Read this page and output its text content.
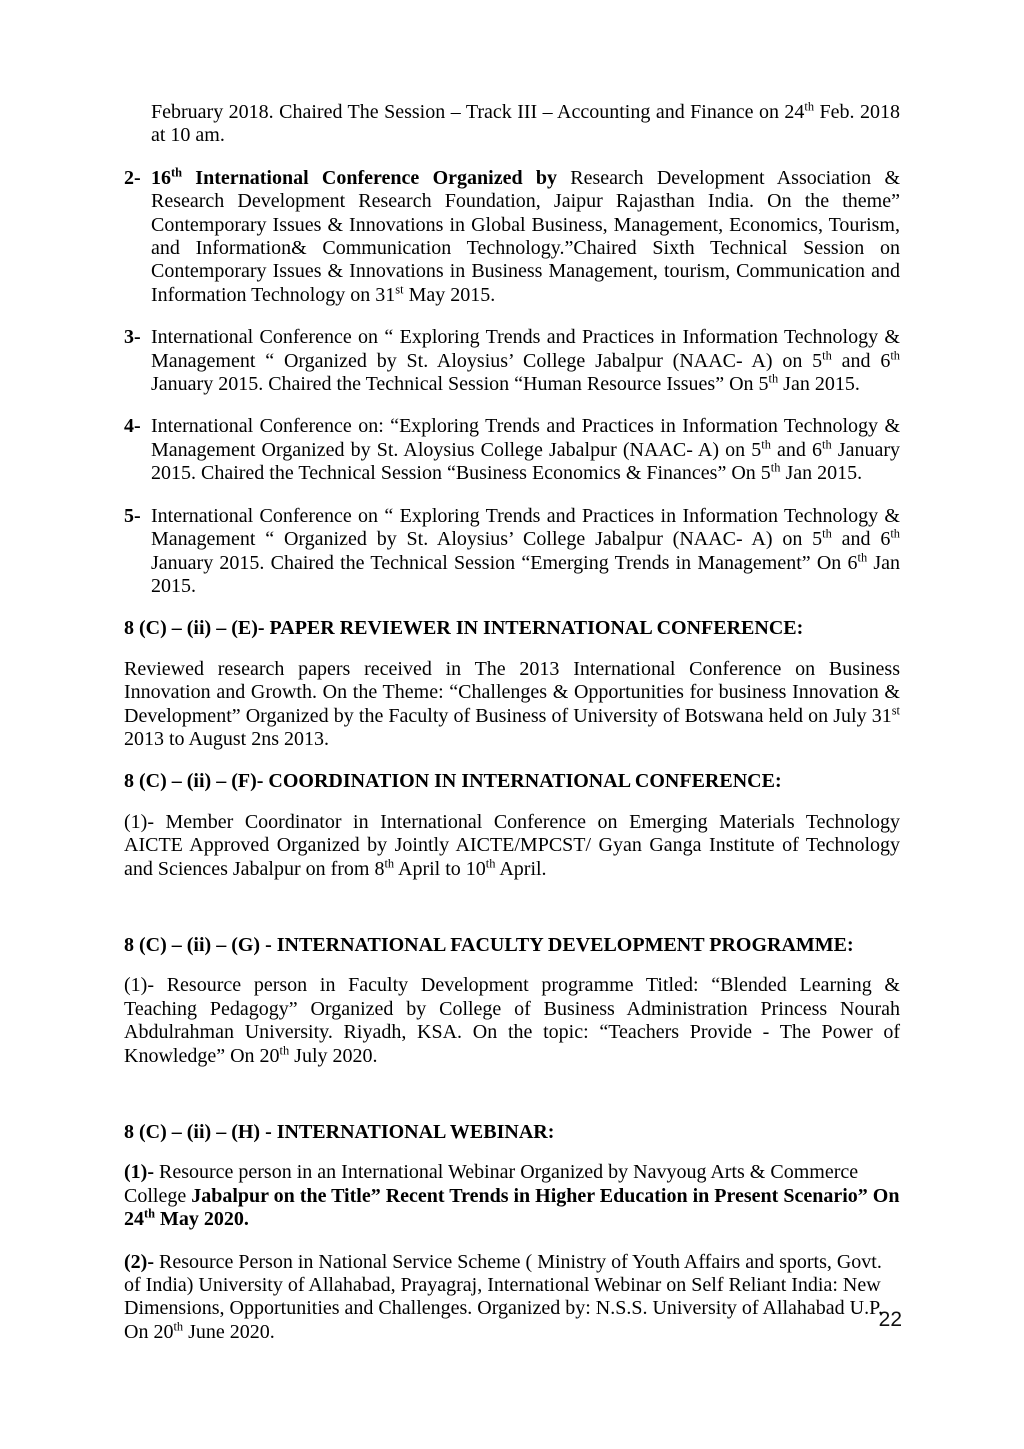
February 2018. Chaired The Session – Track III – Accounting and Finance on 24th Feb. 2018 at 10 am.
2- 16th International Conference Organized by Research Development Association & Research Development Research Foundation, Jaipur Rajasthan India. On the theme” Contemporary Issues & Innovations in Global Business, Management, Economics, Tourism, and Information& Communication Technology.”Chaired Sixth Technical Session on Contemporary Issues & Innovations in Business Management, tourism, Communication and Information Technology on 31st May 2015.
3- International Conference on “ Exploring Trends and Practices in Information Technology & Management “ Organized by St. Aloysius’ College Jabalpur (NAAC- A) on 5th and 6th January 2015. Chaired the Technical Session “Human Resource Issues” On 5th Jan 2015.
4- International Conference on: “Exploring Trends and Practices in Information Technology & Management Organized by St. Aloysius College Jabalpur (NAAC- A) on 5th and 6th January 2015. Chaired the Technical Session “Business Economics & Finances” On 5th Jan 2015.
5- International Conference on “ Exploring Trends and Practices in Information Technology & Management “ Organized by St. Aloysius’ College Jabalpur (NAAC- A) on 5th and 6th January 2015. Chaired the Technical Session “Emerging Trends in Management” On 6th Jan 2015.
8 (C) – (ii) – (E)- PAPER REVIEWER IN INTERNATIONAL CONFERENCE:
Reviewed research papers received in The 2013 International Conference on Business Innovation and Growth. On the Theme: “Challenges & Opportunities for business Innovation & Development” Organized by the Faculty of Business of University of Botswana held on July 31st 2013 to August 2ns 2013.
8 (C) – (ii) – (F)- COORDINATION IN INTERNATIONAL CONFERENCE:
(1)- Member Coordinator in International Conference on Emerging Materials Technology AICTE Approved Organized by Jointly AICTE/MPCST/ Gyan Ganga Institute of Technology and Sciences Jabalpur on from 8th April to 10th April.
8 (C) – (ii) – (G) - INTERNATIONAL FACULTY DEVELOPMENT PROGRAMME:
(1)- Resource person in Faculty Development programme Titled: “Blended Learning & Teaching Pedagogy” Organized by College of Business Administration Princess Nourah Abdulrahman University. Riyadh, KSA. On the topic: “Teachers Provide - The Power of Knowledge” On 20th July 2020.
8 (C) – (ii) – (H) - INTERNATIONAL WEBINAR:
(1)- Resource person in an International Webinar Organized by Navyoug Arts & Commerce College Jabalpur on the Title” Recent Trends in Higher Education in Present Scenario” On 24th May 2020.
(2)- Resource Person in National Service Scheme ( Ministry of Youth Affairs and sports, Govt. of India) University of Allahabad, Prayagraj, International Webinar on Self Reliant India: New Dimensions, Opportunities and Challenges. Organized by: N.S.S. University of Allahabad U.P. On 20th June 2020.
22
